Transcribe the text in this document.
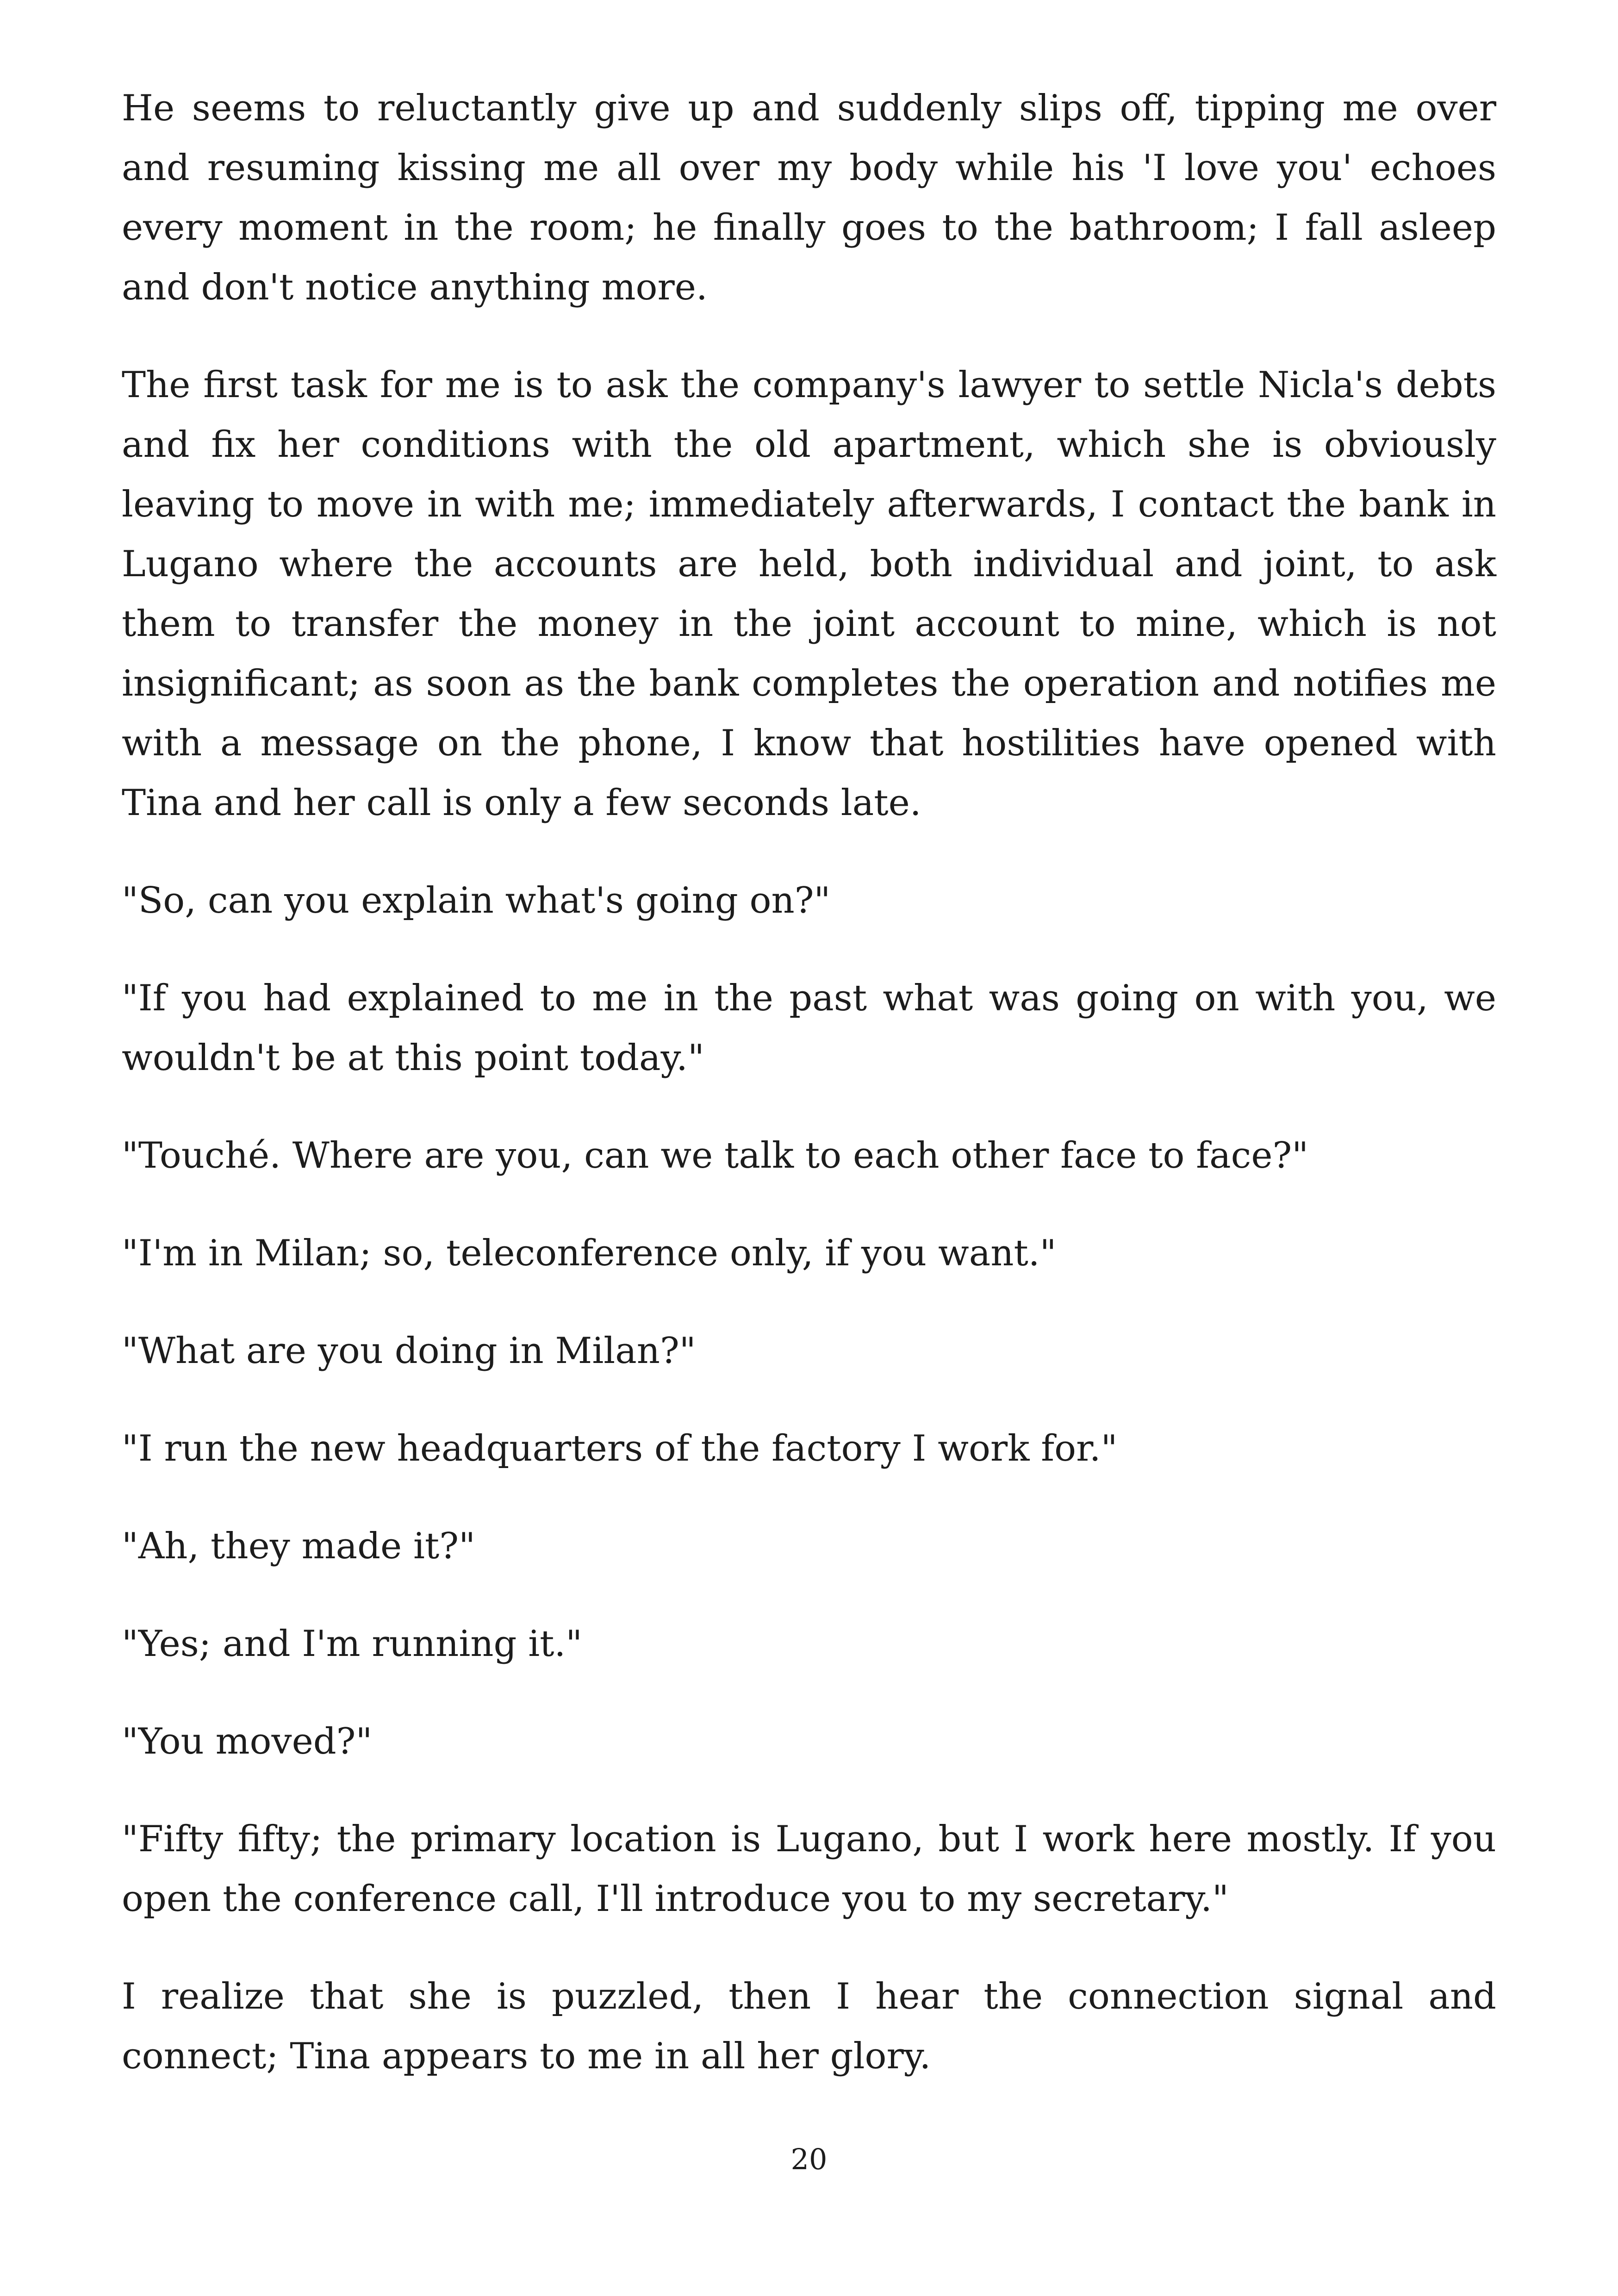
He seems to reluctantly give up and suddenly slips off, tipping me over and resuming kissing me all over my body while his 'I love you' echoes every moment in the room; he finally goes to the bathroom; I fall asleep and don't notice anything more.

The first task for me is to ask the company's lawyer to settle Nicla's debts and fix her conditions with the old apartment, which she is obviously leaving to move in with me; immediately afterwards, I contact the bank in Lugano where the accounts are held, both individual and joint, to ask them to transfer the money in the joint account to mine, which is not insignificant; as soon as the bank completes the operation and notifies me with a message on the phone, I know that hostilities have opened with Tina and her call is only a few seconds late.

"So, can you explain what's going on?"

"If you had explained to me in the past what was going on with you, we wouldn't be at this point today."

"Touché. Where are you, can we talk to each other face to face?"

"I'm in Milan; so, teleconference only, if you want."

"What are you doing in Milan?"

"I run the new headquarters of the factory I work for."

"Ah, they made it?"

"Yes; and I'm running it."

"You moved?"

"Fifty fifty; the primary location is Lugano, but I work here mostly. If you open the conference call, I'll introduce you to my secretary."

I realize that she is puzzled, then I hear the connection signal and connect; Tina appears to me in all her glory.

20
